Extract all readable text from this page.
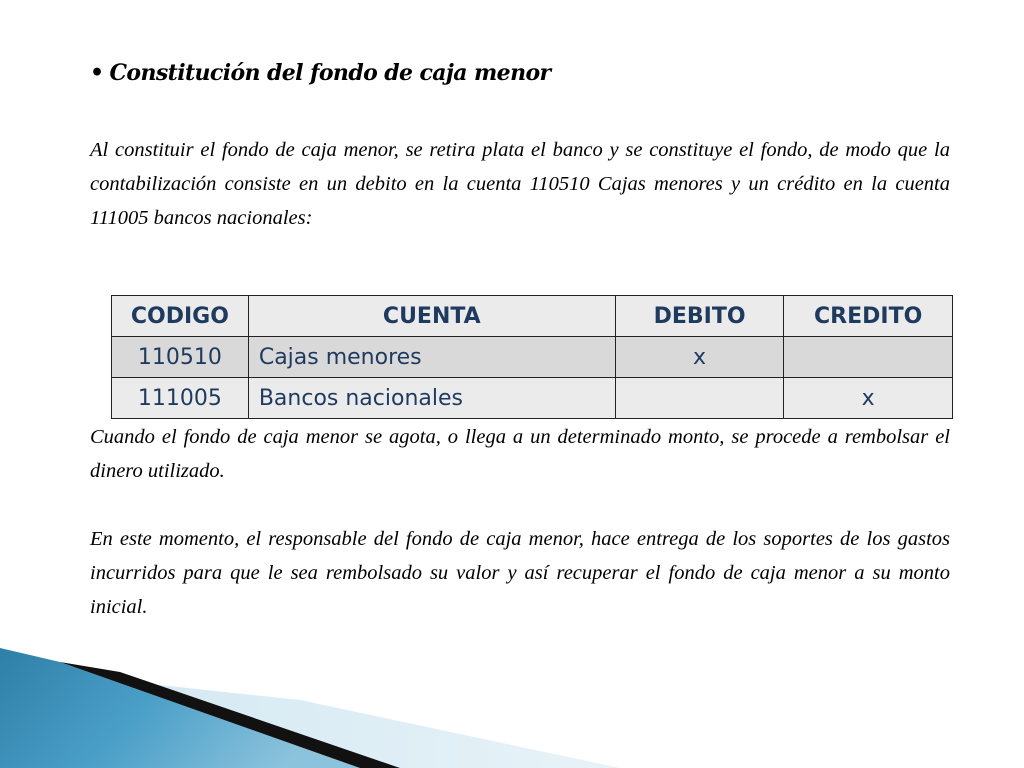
• Constitución del fondo de caja menor

Al constituir el fondo de caja menor, se retira plata el banco y se constituye el fondo, de modo que la contabilización consiste en un debito en la cuenta 110510 Cajas menores y un crédito en la cuenta 111005 bancos nacionales:

CODIGO	CUENTA	DEBITO	CREDITO
110510	Cajas menores	x	
111005	Bancos nacionales		x

Cuando el fondo de caja menor se agota, o llega a un determinado monto, se procede a rembolsar el dinero utilizado.

En este momento, el responsable del fondo de caja menor, hace entrega de los soportes de los gastos incurridos para que le sea rembolsado su valor y así recuperar el fondo de caja menor a su monto inicial.
